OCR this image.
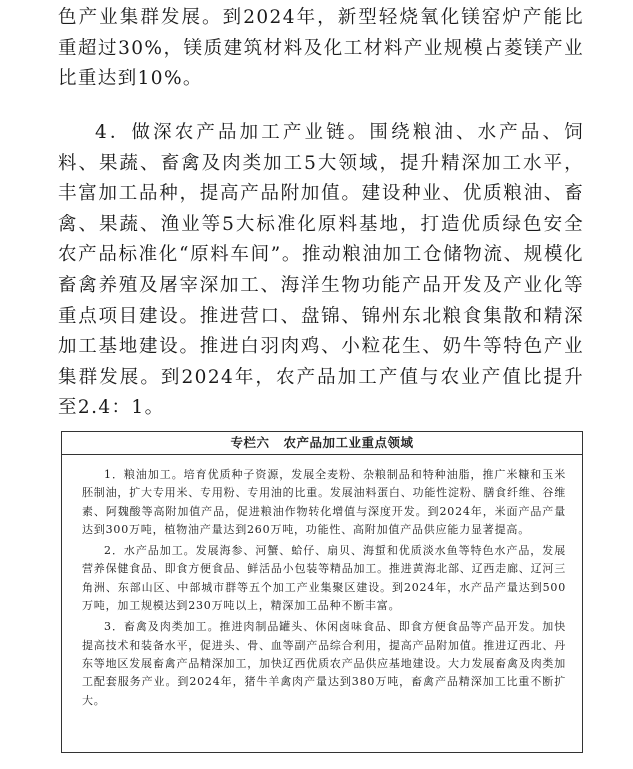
色产业集群发展。到2024年，新型轻烧氧化镁窑炉产能比重超过30%，镁质建筑材料及化工材料产业规模占菱镁产业比重达到10%。

4．做深农产品加工产业链。围绕粮油、水产品、饲料、果蔬、畜禽及肉类加工5大领域，提升精深加工水平，丰富加工品种，提高产品附加值。建设种业、优质粮油、畜禽、果蔬、渔业等5大标准化原料基地，打造优质绿色安全农产品标准化“原料车间”。推动粮油加工仓储物流、规模化畜禽养殖及屠宰深加工、海洋生物功能产品开发及产业化等重点项目建设。推进营口、盘锦、锦州东北粮食集散和精深加工基地建设。推进白羽肉鸡、小粒花生、奶牛等特色产业集群发展。到2024年，农产品加工产值与农业产值比提升至2.4：1。

专栏六 农产品加工业重点领域

1．粮油加工。培育优质种子资源，发展全麦粉、杂粮制品和特种油脂，推广米糠和玉米胚制油，扩大专用米、专用粉、专用油的比重。发展油料蛋白、功能性淀粉、膳食纤维、谷维素、阿魏酸等高附加值产品，促进粮油作物转化增值与深度开发。到2024年，米面产品产量达到300万吨，植物油产量达到260万吨，功能性、高附加值产品供应能力显著提高。

2．水产品加工。发展海参、河蟹、蛤仔、扇贝、海蜇和优质淡水鱼等特色水产品，发展营养保健食品、即食方便食品、鲜活品小包装等精品加工。推进黄海北部、辽西走廊、辽河三角洲、东部山区、中部城市群等五个加工产业集聚区建设。到2024年，水产品产量达到500万吨，加工规模达到230万吨以上，精深加工品种不断丰富。

3．畜禽及肉类加工。推进肉制品罐头、休闲卤味食品、即食方便食品等产品开发。加快提高技术和装备水平，促进头、骨、血等副产品综合利用，提高产品附加值。推进辽西北、丹东等地区发展畜禽产品精深加工，加快辽西优质农产品供应基地建设。大力发展畜禽及肉类加工配套服务产业。到2024年，猪牛羊禽肉产量达到380万吨，畜禽产品精深加工比重不断扩大。
